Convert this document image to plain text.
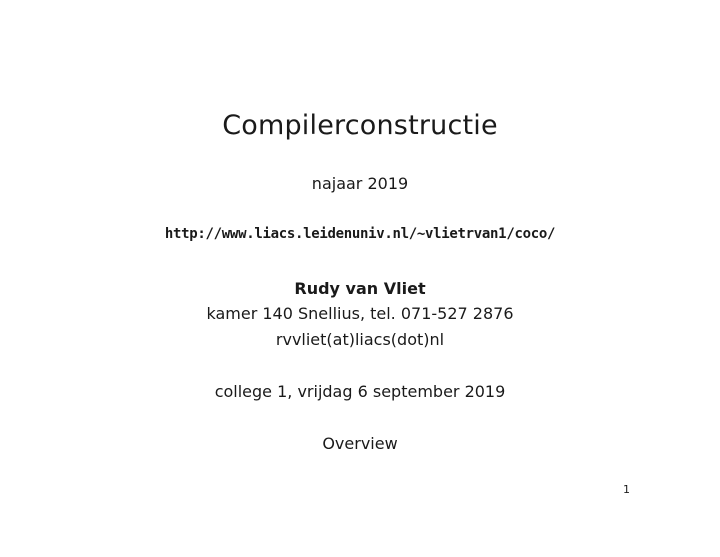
Compilerconstructie
najaar 2019
http://www.liacs.leidenuniv.nl/~vlietrvan1/coco/
Rudy van Vliet
kamer 140 Snellius, tel. 071-527 2876
rvvliet(at)liacs(dot)nl
college 1, vrijdag 6 september 2019
Overview
1
